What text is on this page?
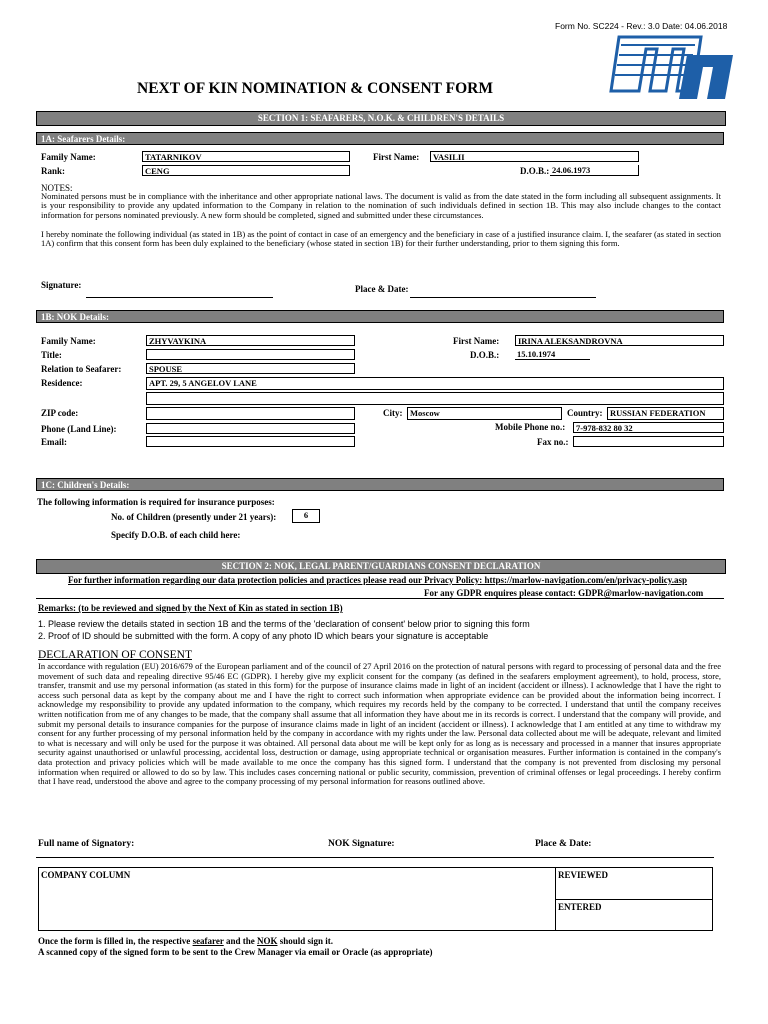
Form No. SC224 - Rev.: 3.0 Date: 04.06.2018
NEXT OF KIN NOMINATION & CONSENT FORM
SECTION 1: SEAFARERS, N.O.K. & CHILDREN'S DETAILS
1A: Seafarers Details:
Family Name:	TATARNIKOV	First Name:	VASILII
Rank:	CENG	D.O.B.: 24.06.1973
NOTES:
Nominated persons must be in compliance with the inheritance and other appropriate national laws. The document is valid as from the date stated in the form including all subsequent assignments. It is your responsibility to provide any updated information to the Company in relation to the nomination of such individuals defined in section 1B. This may also include changes to the contact information for persons nominated previously. A new form should be completed, signed and submitted under these circumstances.
I hereby nominate the following individual (as stated in 1B) as the point of contact in case of an emergency and the beneficiary in case of a justified insurance claim. I, the seafarer (as stated in section 1A) confirm that this consent form has been duly explained to the beneficiary (whose stated in section 1B) for their further understanding, prior to them signing this form.
Signature:	Place & Date:
1B: NOK Details:
Family Name:	ZHYVAYKINA	First Name:	IRINA ALEKSANDROVNA
Title:	D.O.B.: 15.10.1974
Relation to Seafarer:	SPOUSE
Residence:	APT. 29, 5 ANGELOV LANE
ZIP code:	City: Moscow	Country: RUSSIAN FEDERATION
Phone (Land Line):	Mobile Phone no.:	7-978-832 80 32
Email:	Fax no.:
1C: Children's Details:
The following information is required for insurance purposes:
No. of Children (presently under 21 years):	6
Specify D.O.B. of each child here:
SECTION 2: NOK, LEGAL PARENT/GUARDIANS CONSENT DECLARATION
For further information regarding our data protection policies and practices please read our Privacy Policy: https://marlow-navigation.com/en/privacy-policy.asp
For any GDPR enquires please contact: GDPR@marlow-navigation.com
Remarks: (to be reviewed and signed by the Next of Kin as stated in section 1B)
1. Please review the details stated in section 1B and the terms of the 'declaration of consent' below prior to signing this form
2. Proof of ID should be submitted with the form. A copy of any photo ID which bears your signature is acceptable
DECLARATION OF CONSENT
In accordance with regulation (EU) 2016/679 of the European parliament and of the council of 27 April 2016 on the protection of natural persons with regard to processing of personal data and the free movement of such data and repealing directive 95/46 EC (GDPR). I hereby give my explicit consent for the company (as defined in the seafarers employment agreement), to hold, process, store, transfer, transmit and use my personal information (as stated in this form) for the purpose of insurance claims made in light of an incident (accident or illness). I acknowledge that I have the right to access such personal data as kept by the company about me and I have the right to correct such information when appropriate evidence can be provided about the information being incorrect. I acknowledge my responsibility to provide any updated information to the company, which requires my records held by the company to be corrected. I understand that until the company receives written notification from me of any changes to be made, that the company shall assume that all information they have about me in its records is correct. I understand that the company will provide, and submit my personal details to insurance companies for the purpose of insurance claims made in light of an incident (accident or illness). I acknowledge that I am entitled at any time to withdraw my consent for any further processing of my personal information held by the company in accordance with my rights under the law. Personal data collected about me will be adequate, relevant and limited to what is necessary and will only be used for the purpose it was obtained. All personal data about me will be kept only for as long as is necessary and processed in a manner that insures appropriate security against unauthorised or unlawful processing, accidental loss, destruction or damage, using appropriate technical or organisation measures. Further information is contained in the company's data protection and privacy policies which will be made available to me once the company has this signed form. I understand that the company is not prevented from disclosing my personal information when required or allowed to do so by law. This includes cases concerning national or public security, commission, prevention of criminal offenses or legal proceedings. I hereby confirm that I have read, understood the above and agree to the company processing of my personal information for reasons outlined above.
Full name of Signatory:	NOK Signature:	Place & Date:
COMPANY COLUMN	REVIEWED
ENTERED
Once the form is filled in, the respective seafarer and the NOK should sign it.
A scanned copy of the signed form to be sent to the Crew Manager via email or Oracle (as appropriate)
